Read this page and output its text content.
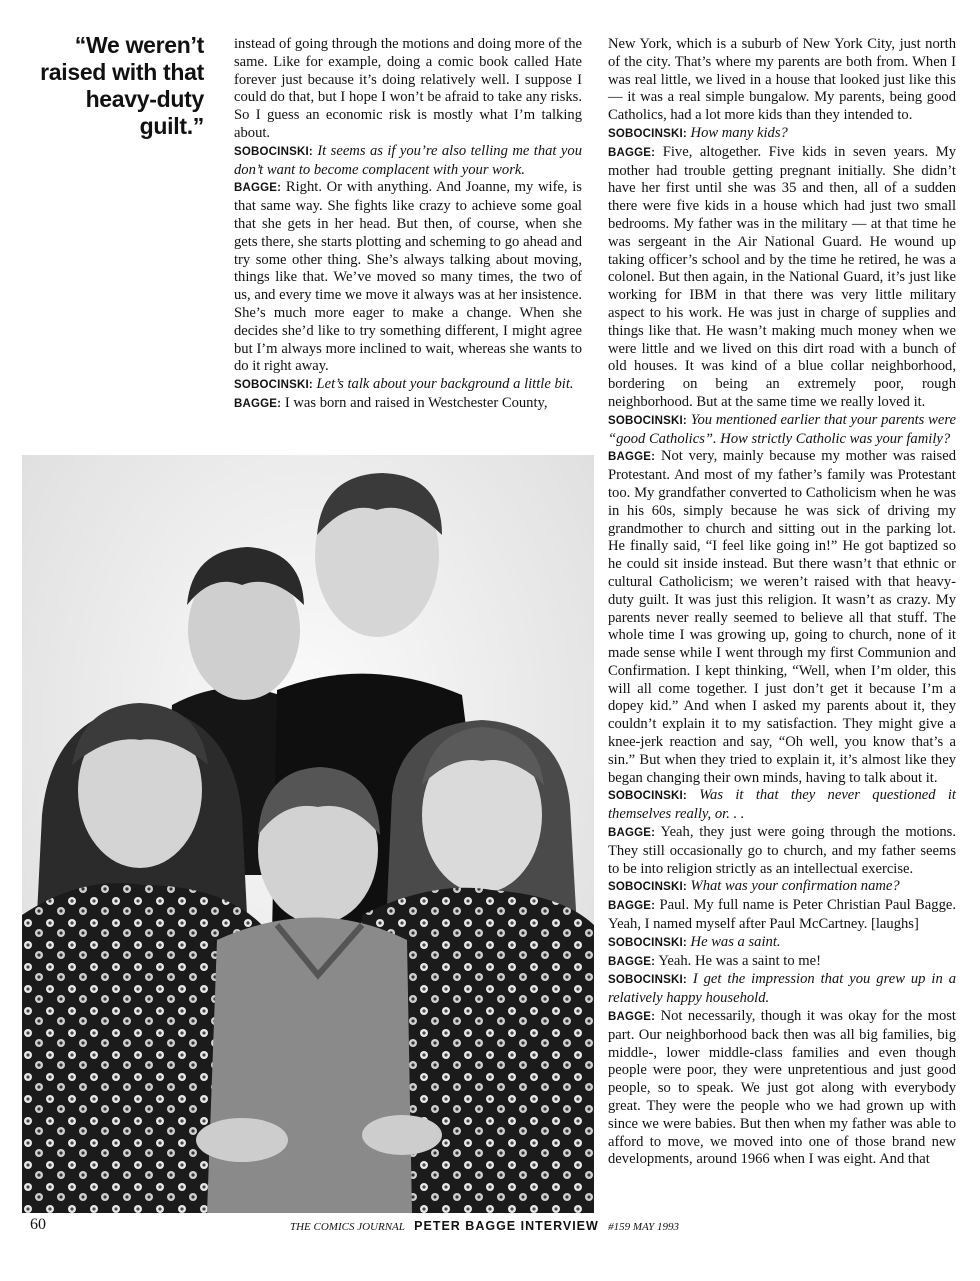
“We weren’t raised with that heavy-duty guilt.”

instead of going through the motions and doing more of the same. Like for example, doing a comic book called Hate forever just because it’s doing relatively well. I suppose I could do that, but I hope I won’t be afraid to take any risks. So I guess an economic risk is mostly what I’m talking about.

SOBOCINSKI: It seems as if you’re also telling me that you don’t want to become complacent with your work.

BAGGE: Right. Or with anything. And Joanne, my wife, is that same way. She fights like crazy to achieve some goal that she gets in her head. But then, of course, when she gets there, she starts plotting and scheming to go ahead and try some other thing. She’s always talking about moving, things like that. We’ve moved so many times, the two of us, and every time we move it always was at her insistence. She’s much more eager to make a change. When she decides she’d like to try something different, I might agree but I’m always more inclined to wait, whereas she wants to do it right away.

SOBOCINSKI: Let’s talk about your background a little bit.

BAGGE: I was born and raised in Westchester County,

New York, which is a suburb of New York City, just north of the city. That’s where my parents are both from. When I was real little, we lived in a house that looked just like this — it was a real simple bungalow. My parents, being good Catholics, had a lot more kids than they intended to.

SOBOCINSKI: How many kids?

BAGGE: Five, altogether. Five kids in seven years. My mother had trouble getting pregnant initially. She didn’t have her first until she was 35 and then, all of a sudden there were five kids in a house which had just two small bedrooms. My father was in the military — at that time he was sergeant in the Air National Guard. He wound up taking officer’s school and by the time he retired, he was a colonel. But then again, in the National Guard, it’s just like working for IBM in that there was very little military aspect to his work. He was just in charge of supplies and things like that. He wasn’t making much money when we were little and we lived on this dirt road with a bunch of old houses. It was kind of a blue collar neighborhood, bordering on being an extremely poor, rough neighborhood. But at the same time we really loved it.

SOBOCINSKI: You mentioned earlier that your parents were “good Catholics”. How strictly Catholic was your family?

BAGGE: Not very, mainly because my mother was raised Protestant. And most of my father’s family was Protestant too. My grandfather converted to Catholicism when he was in his 60s, simply because he was sick of driving my grandmother to church and sitting out in the parking lot. He finally said, “I feel like going in!” He got baptized so he could sit inside instead. But there wasn’t that ethnic or cultural Catholicism; we weren’t raised with that heavy-duty guilt. It was just this religion. It wasn’t as crazy. My parents never really seemed to believe all that stuff. The whole time I was growing up, going to church, none of it made sense while I went through my first Communion and Confirmation. I kept thinking, “Well, when I’m older, this will all come together. I just don’t get it because I’m a dopey kid.” And when I asked my parents about it, they couldn’t explain it to my satisfaction. They might give a knee-jerk reaction and say, “Oh well, you know that’s a sin.” But when they tried to explain it, it’s almost like they began changing their own minds, having to talk about it.

SOBOCINSKI: Was it that they never questioned it themselves really, or. . .

BAGGE: Yeah, they just were going through the motions. They still occasionally go to church, and my father seems to be into religion strictly as an intellectual exercise.

SOBOCINSKI: What was your confirmation name?

BAGGE: Paul. My full name is Peter Christian Paul Bagge. Yeah, I named myself after Paul McCartney. [laughs]

SOBOCINSKI: He was a saint.

BAGGE: Yeah. He was a saint to me!

SOBOCINSKI: I get the impression that you grew up in a relatively happy household.

BAGGE: Not necessarily, though it was okay for the most part. Our neighborhood back then was all big families, big middle-, lower middle-class families and even though people were poor, they were unpretentious and just good people, so to speak. We just got along with everybody great. They were the people who we had grown up with since we were babies. But then when my father was able to afford to move, we moved into one of those brand new developments, around 1966 when I was eight. And that

60	THE COMICS JOURNAL PETER BAGGE INTERVIEW #159 MAY 1993
